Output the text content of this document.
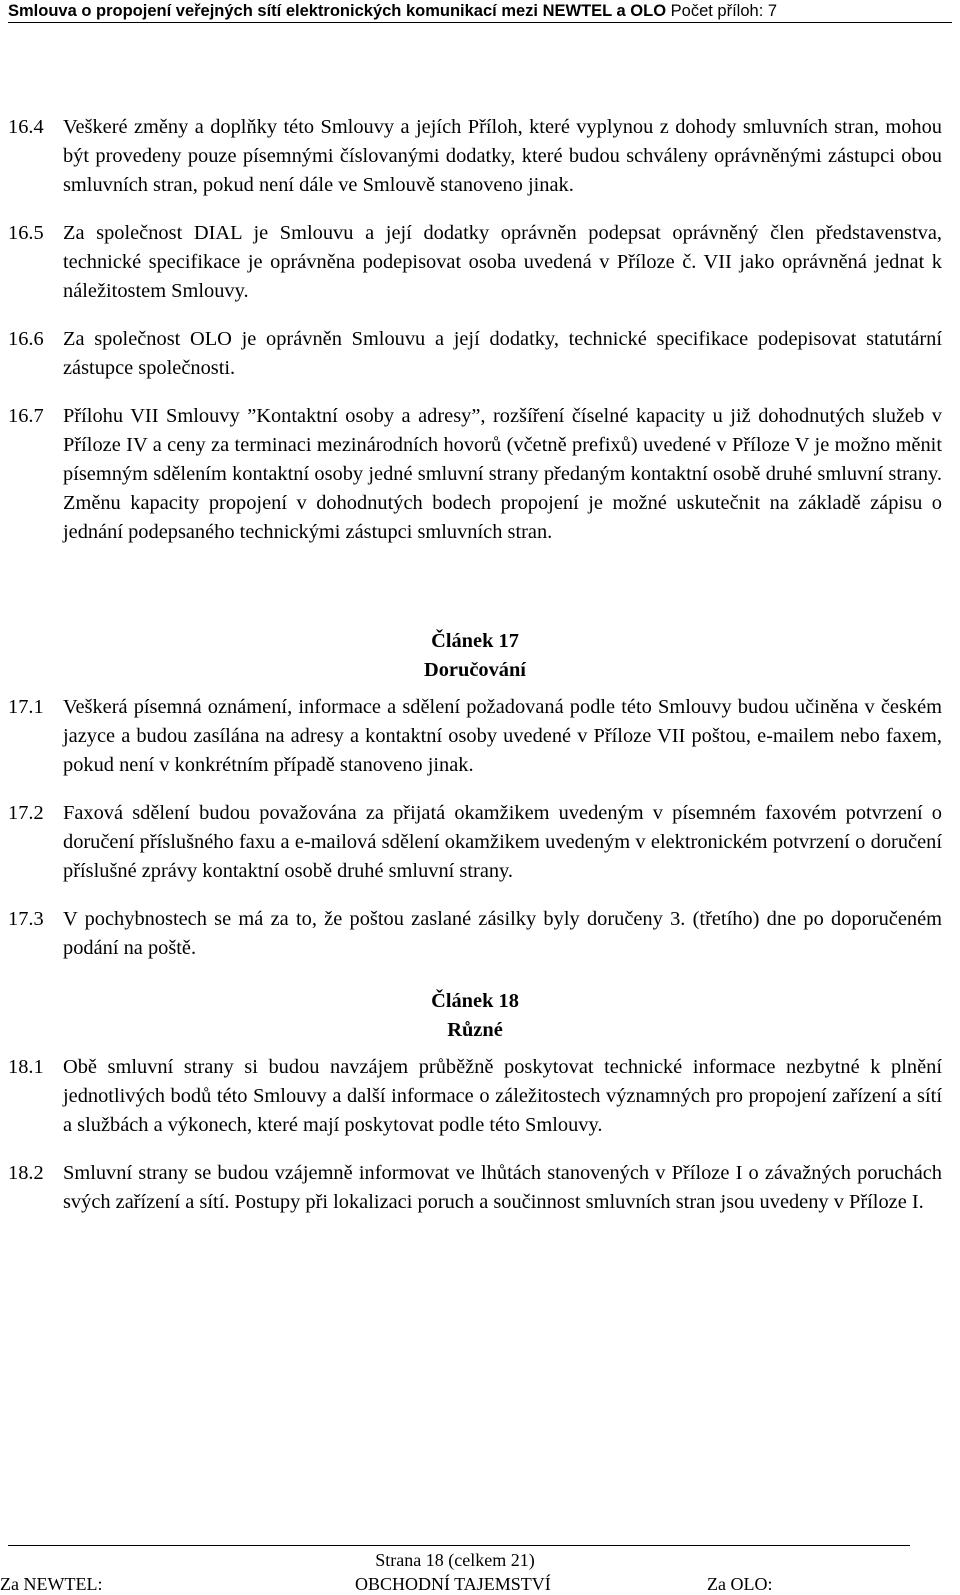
Smlouva o propojení veřejných sítí elektronických komunikací mezi NEWTEL a OLO Počet příloh: 7
16.4 Veškeré změny a doplňky této Smlouvy a jejích Příloh, které vyplynou z dohody smluvních stran, mohou být provedeny pouze písemnými číslovanými dodatky, které budou schváleny oprávněnými zástupci obou smluvních stran, pokud není dále ve Smlouvě stanoveno jinak.
16.5 Za společnost DIAL je Smlouvu a její dodatky oprávněn podepsat oprávněný člen představenstva, technické specifikace je oprávněna podepisovat osoba uvedená v Příloze č. VII jako oprávněná jednat k náležitostem Smlouvy.
16.6 Za společnost OLO je oprávněn Smlouvu a její dodatky, technické specifikace podepisovat statutární zástupce společnosti.
16.7 Přílohu VII Smlouvy ”Kontaktní osoby a adresy”, rozšíření číselné kapacity u již dohodnutých služeb v Příloze IV a ceny za terminaci mezinárodních hovorů (včetně prefixů) uvedené v Příloze V je možno měnit písemným sdělením kontaktní osoby jedné smluvní strany předaným kontaktní osobě druhé smluvní strany. Změnu kapacity propojení v dohodnutých bodech propojení je možné uskutečnit na základě zápisu o jednání podepsaného technickými zástupci smluvních stran.
Článek 17
Doručování
17.1 Veškerá písemná oznámení, informace a sdělení požadovaná podle této Smlouvy budou učiněna v českém jazyce a budou zasílána na adresy a kontaktní osoby uvedené v Příloze VII poštou, e-mailem nebo faxem, pokud není v konkrétním případě stanoveno jinak.
17.2 Faxová sdělení budou považována za přijatá okamžikem uvedeným v písemném faxovém potvrzení o doručení příslušného faxu a e-mailová sdělení okamžikem uvedeným v elektronickém potvrzení o doručení příslušné zprávy kontaktní osobě druhé smluvní strany.
17.3 V pochybnostech se má za to, že poštou zaslané zásilky byly doručeny 3. (třetího) dne po doporučeném podání na poště.
Článek 18
Různé
18.1 Obě smluvní strany si budou navzájem průběžně poskytovat technické informace nezbytné k plnění jednotlivých bodů této Smlouvy a další informace o záležitostech významných pro propojení zařízení a sítí a službách a výkonech, které mají poskytovat podle této Smlouvy.
18.2 Smluvní strany se budou vzájemně informovat ve lhůtách stanovených v Příloze I o závažných poruchách svých zařízení a sítí. Postupy při lokalizaci poruch a součinnost smluvních stran jsou uvedeny v Příloze I.
Strana 18 (celkem 21)
Za NEWTEL:	OBCHODNÍ TAJEMSTVÍ	Za OLO:
